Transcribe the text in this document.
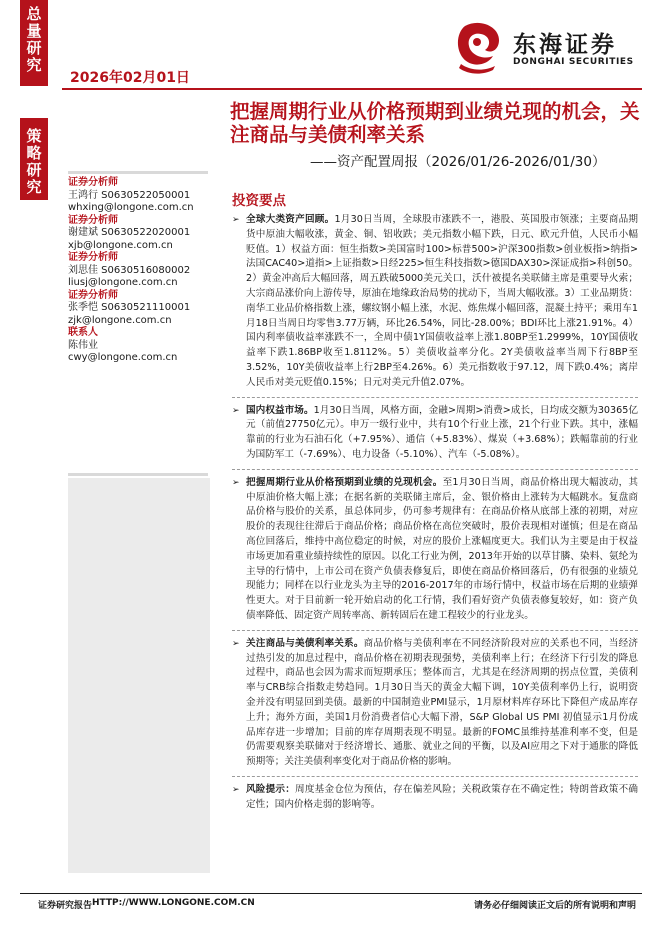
总
量
研
究
策
略
研
究
2026年02月01日
东海证券
DONGHAI SECURITIES
把握周期行业从价格预期到业绩兑现的机会，关注商品与美债利率关系
——资产配置周报（2026/01/26-2026/01/30）
证券分析师
王鸿行 S0630522050001
whxing@longone.com.cn
证券分析师
谢建斌 S0630522020001
xjb@longone.com.cn
证券分析师
刘思佳 S0630516080002
liusj@longone.com.cn
证券分析师
张季恺 S0630521110001
zjk@longone.com.cn
联系人
陈伟业
cwy@longone.com.cn
投资要点
➢ 全球大类资产回顾。1月30日当周，全球股市涨跌不一，港股、英国股市领涨；主要商品期货中原油大幅收涨，黄金、铜、铝收跌；美元指数小幅下跌，日元、欧元升值，人民币小幅贬值。1）权益方面：恒生指数>美国富时100>标普500>沪深300指数>创业板指>纳指>法国CAC40>道指>上证指数>日经225>恒生科技指数>德国DAX30>深证成指>科创50。2）黄金冲高后大幅回落，周五跌破5000美元关口，沃什被提名美联储主席是重要导火索；大宗商品涨价向上游传导，原油在地缘政治局势的扰动下，当周大幅收涨。3）工业品期货：南华工业品价格指数上涨，螺纹钢小幅上涨，水泥、炼焦煤小幅回落，混凝土持平；乘用车1月18日当周日均零售3.77万辆，环比26.54%，同比-28.00%；BDI环比上涨21.91%。4）国内利率债收益率涨跌不一，全周中债1Y国债收益率上涨1.80BP至1.2999%，10Y国债收益率下跌1.86BP收至1.8112%。5）美债收益率分化。2Y美债收益率当周下行8BP至3.52%，10Y美债收益率上行2BP至4.26%。6）美元指数收于97.12，周下跌0.4%；离岸人民币对美元贬值0.15%；日元对美元升值2.07%。
➢ 国内权益市场。1月30日当周，风格方面，金融>周期>消费>成长，日均成交额为30365亿元（前值27750亿元）。申万一级行业中，共有10个行业上涨，21个行业下跌。其中，涨幅靠前的行业为石油石化（+7.95%）、通信（+5.83%）、煤炭（+3.68%）；跌幅靠前的行业为国防军工（-7.69%）、电力设备（-5.10%）、汽车（-5.08%）。
➢ 把握周期行业从价格预期到业绩的兑现机会。至1月30日当周，商品价格出现大幅波动，其中原油价格大幅上涨；在据名新的美联储主席后，金、银价格由上涨转为大幅跳水。复盘商品价格与股价的关系，虽总体同步，仍可参考规律有：在商品价格从底部上涨的初期，对应股价的表现往往滞后于商品价格；商品价格在高位突破时，股价表现相对谨慎；但是在商品高位回落后，维持中高位稳定的时候，对应的股价上涨幅度更大。我们认为主要是由于权益市场更加看重业绩持续性的原因。以化工行业为例，2013年开始的以草甘膦、染料、氨纶为主导的行情中，上市公司在资产负债表修复后，即使在商品价格回落后，仍有很强的业绩兑现能力；同样在以行业龙头为主导的2016-2017年的市场行情中，权益市场在后期的业绩弹性更大。对于目前新一轮开始启动的化工行情，我们看好资产负债表修复较好，如：资产负债率降低、固定资产周转率高、新转固后在建工程较少的行业龙头。
➢ 关注商品与美债利率关系。商品价格与美债利率在不同经济阶段对应的关系也不同，当经济过热引发的加息过程中，商品价格在初期表现强势，美债利率上行；在经济下行引发的降息过程中，商品也会因为需求而短期承压；整体而言，尤其是在经济周期的拐点位置，美债利率与CRB综合指数走势趋同。1月30日当天的黄金大幅下调，10Y美债利率仍上行，说明资金并没有明显回到美债。最新的中国制造业PMI显示，1月原材料库存环比下降但产成品库存上升；海外方面，美国1月份消费者信心大幅下滑，S&P Global US PMI 初值显示1月份成品库存进一步增加；目前的库存周期表现不明显。最新的FOMC虽维持基准利率不变，但是仍需要观察美联储对于经济增长、通胀、就业之间的平衡，以及AI应用之下对于通胀的降低预期等；关注美债利率变化对于商品价格的影响。
➢ 风险提示：周度基金仓位为预估，存在偏差风险；关税政策存在不确定性；特朗普政策不确定性；国内价格走弱的影响等。
证券研究报告 HTTP://WWW.LONGONE.COM.CN	请务必仔细阅读正文后的所有说明和声明
